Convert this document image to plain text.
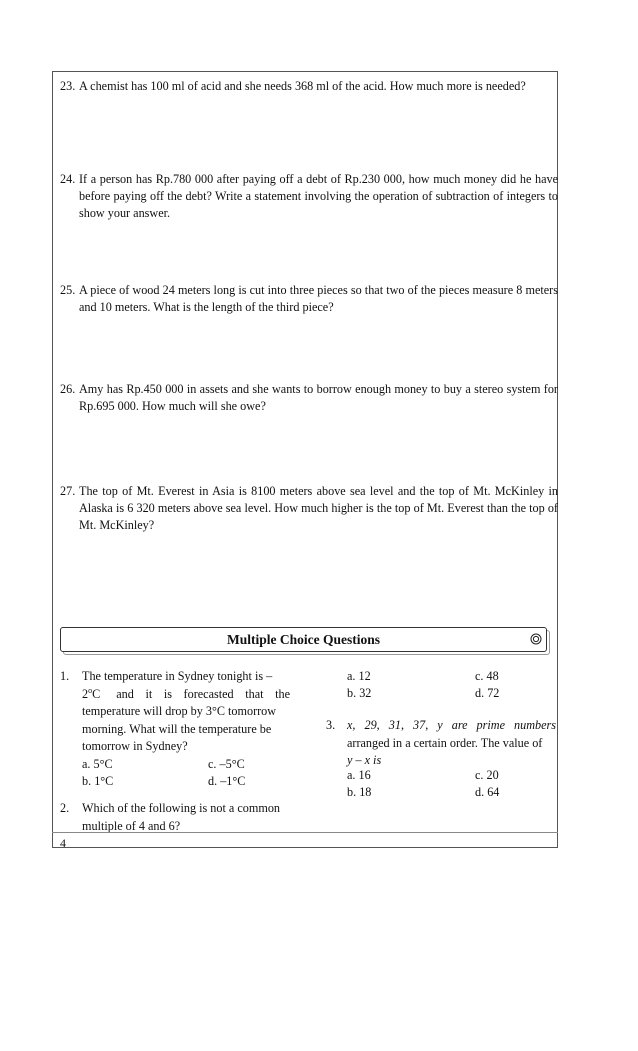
23. A chemist has 100 ml of acid and she needs 368 ml of the acid. How much more is needed?
24. If a person has Rp.780 000 after paying off a debt of Rp.230 000, how much money did he have before paying off the debt? Write a statement involving the operation of subtraction of integers to show your answer.
25. A piece of wood 24 meters long is cut into three pieces so that two of the pieces measure 8 meters and 10 meters. What is the length of the third piece?
26. Amy has Rp.450 000 in assets and she wants to borrow enough money to buy a stereo system for Rp.695 000. How much will she owe?
27. The top of Mt. Everest in Asia is 8100 meters above sea level and the top of Mt. McKinley in Alaska is 6 320 meters above sea level. How much higher is the top of Mt. Everest than the top of Mt. McKinley?
Multiple Choice Questions
1. The temperature in Sydney tonight is –
2$^o$C and it is forecasted that the
temperature will drop by 3°C tomorrow
morning. What will the temperature be
tomorrow in Sydney?
a. 5°C	c. –5°C
b. 1°C	d. –1°C
2. Which of the following is not a common
multiple of 4 and 6?
a. 12	c. 48
b. 32	d. 72
3. x, 29, 31, 37, y are prime numbers
arranged in a certain order. The value of
y – x is
a. 16	c. 20
b. 18	d. 64
4
